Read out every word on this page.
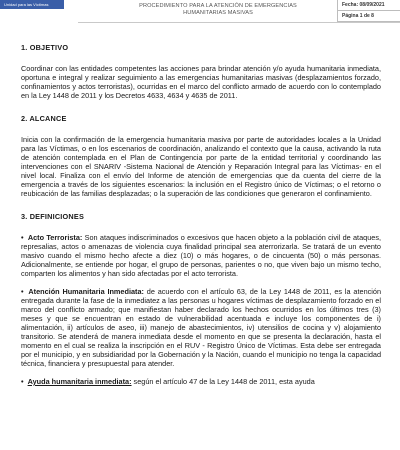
Unidad para las Víctimas	PROCEDIMIENTO PARA LA ATENCIÓN DE EMERGENCIAS
HUMANITARIAS MASIVAS
Fecha: 08/09/2021
Página 1 de 8
1. OBJETIVO

Coordinar con las entidades competentes las acciones para brindar atención y/o ayuda humanitaria inmediata, oportuna e integral y realizar seguimiento a las emergencias humanitarias masivas (desplazamientos forzado, confinamientos y actos terroristas), ocurridas en el marco del conflicto armado de acuerdo con lo contemplado en la Ley 1448 de 2011 y los Decretos 4633, 4634 y 4635 de 2011.

2. ALCANCE

Inicia con la confirmación de la emergencia humanitaria masiva por parte de autoridades locales a la Unidad para las Víctimas, o en los escenarios de coordinación, analizando el contexto que la causa, activando la ruta de atención contemplada en el Plan de Contingencia por parte de la entidad territorial y coordinando las intervenciones con el SNARIV -Sistema Nacional de Atención y Reparación Integral para las Víctimas- en el nivel local. Finaliza con el envío del Informe de atención de emergencias que da cuenta del cierre de la emergencia a través de los siguientes escenarios: la inclusión en el Registro único de Víctimas; o el retorno o reubicación de las familias desplazadas; o la superación de las condiciones que generaron el confinamiento.

3. DEFINICIONES
• Acto Terrorista: Son ataques indiscriminados o excesivos que hacen objeto a la población civil de ataques, represalias, actos o amenazas de violencia cuya finalidad principal sea aterrorizarla. Se tratará de un evento masivo cuando el mismo hecho afecte a diez (10) o más hogares, o de cincuenta (50) o más personas. Adicionalmente, se entiende por hogar, el grupo de personas, parientes o no, que viven bajo un mismo techo, comparten los alimentos y han sido afectadas por el acto terrorista.
• Atención Humanitaria Inmediata: de acuerdo con el artículo 63, de la Ley 1448 de 2011, es la atención entregada durante la fase de la inmediatez a las personas u hogares víctimas de desplazamiento forzado en el marco del conflicto armado; que manifiestan haber declarado los hechos ocurridos en los últimos tres (3) meses y que se encuentran en estado de vulnerabilidad acentuada e incluye los componentes de i) alimentación, ii) artículos de aseo, iii) manejo de abastecimientos, iv) utensilios de cocina y v) alojamiento transitorio. Se atenderá de manera inmediata desde el momento en que se presenta la declaración, hasta el momento en el cual se realiza la inscripción en el RUV - Registro Único de Víctimas. Esta debe ser entregada por el municipio, y en subsidiaridad por la Gobernación y la Nación, cuando el municipio no tenga la capacidad técnica, financiera y presupuestal para atender.
• Ayuda humanitaria inmediata: según el artículo 47 de la Ley 1448 de 2011, esta ayuda
